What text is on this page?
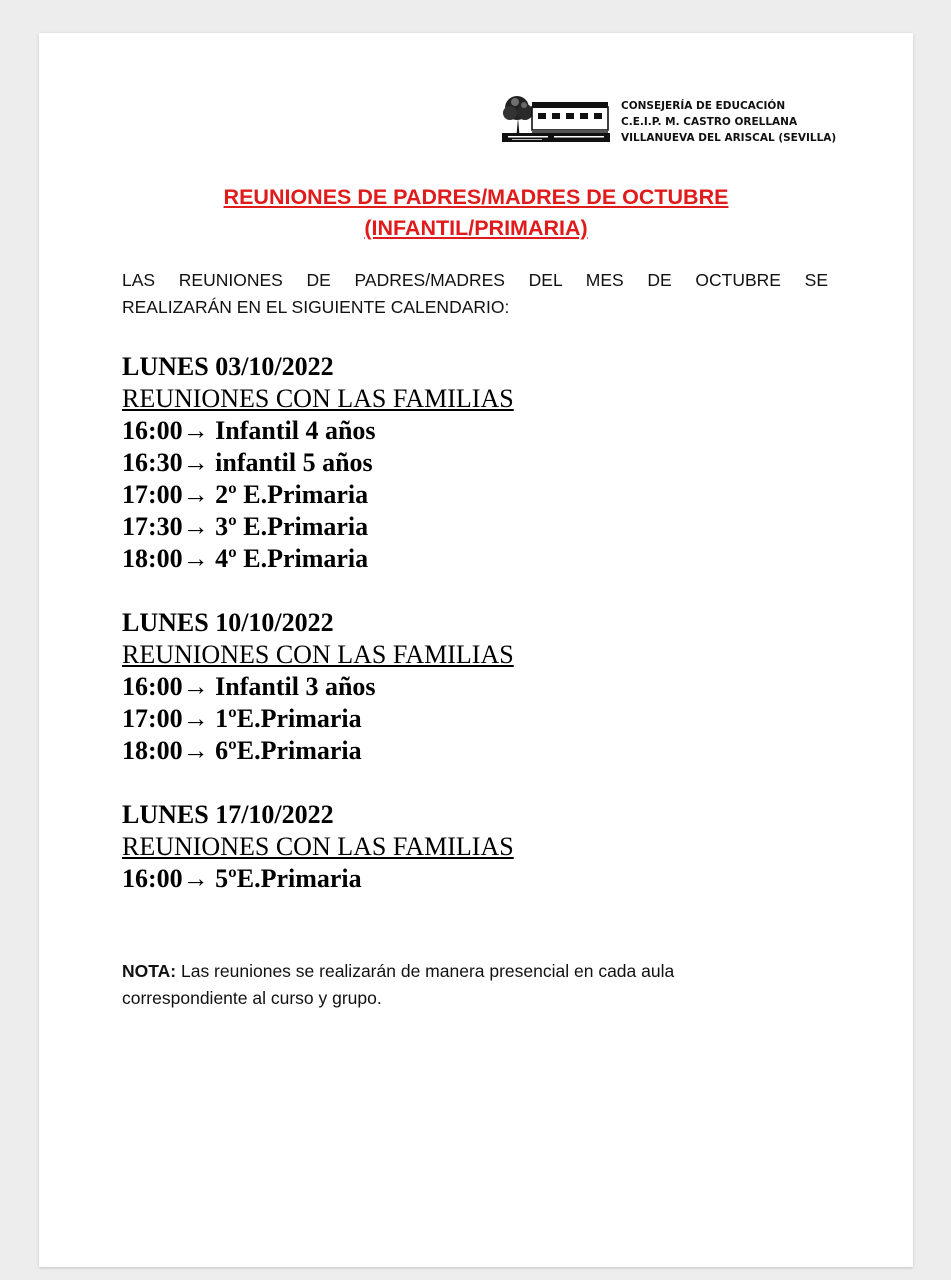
CONSEJERÍA DE EDUCACIÓN
C.E.I.P. M. CASTRO ORELLANA
VILLANUEVA DEL ARISCAL (SEVILLA)
REUNIONES DE PADRES/MADRES DE OCTUBRE
(INFANTIL/PRIMARIA)
LAS REUNIONES DE PADRES/MADRES DEL MES DE OCTUBRE SE
REALIZARÁN EN EL SIGUIENTE CALENDARIO:
LUNES 03/10/2022
REUNIONES CON LAS FAMILIAS
16:00→ Infantil 4 años
16:30→ infantil 5 años
17:00→ 2º E.Primaria
17:30→ 3º E.Primaria
18:00→ 4º E.Primaria
LUNES 10/10/2022
REUNIONES CON LAS FAMILIAS
16:00→ Infantil 3 años
17:00→ 1ºE.Primaria
18:00→ 6ºE.Primaria
LUNES 17/10/2022
REUNIONES CON LAS FAMILIAS
16:00→ 5ºE.Primaria
NOTA: Las reuniones se realizarán de manera presencial en cada aula
correspondiente al curso y grupo.
